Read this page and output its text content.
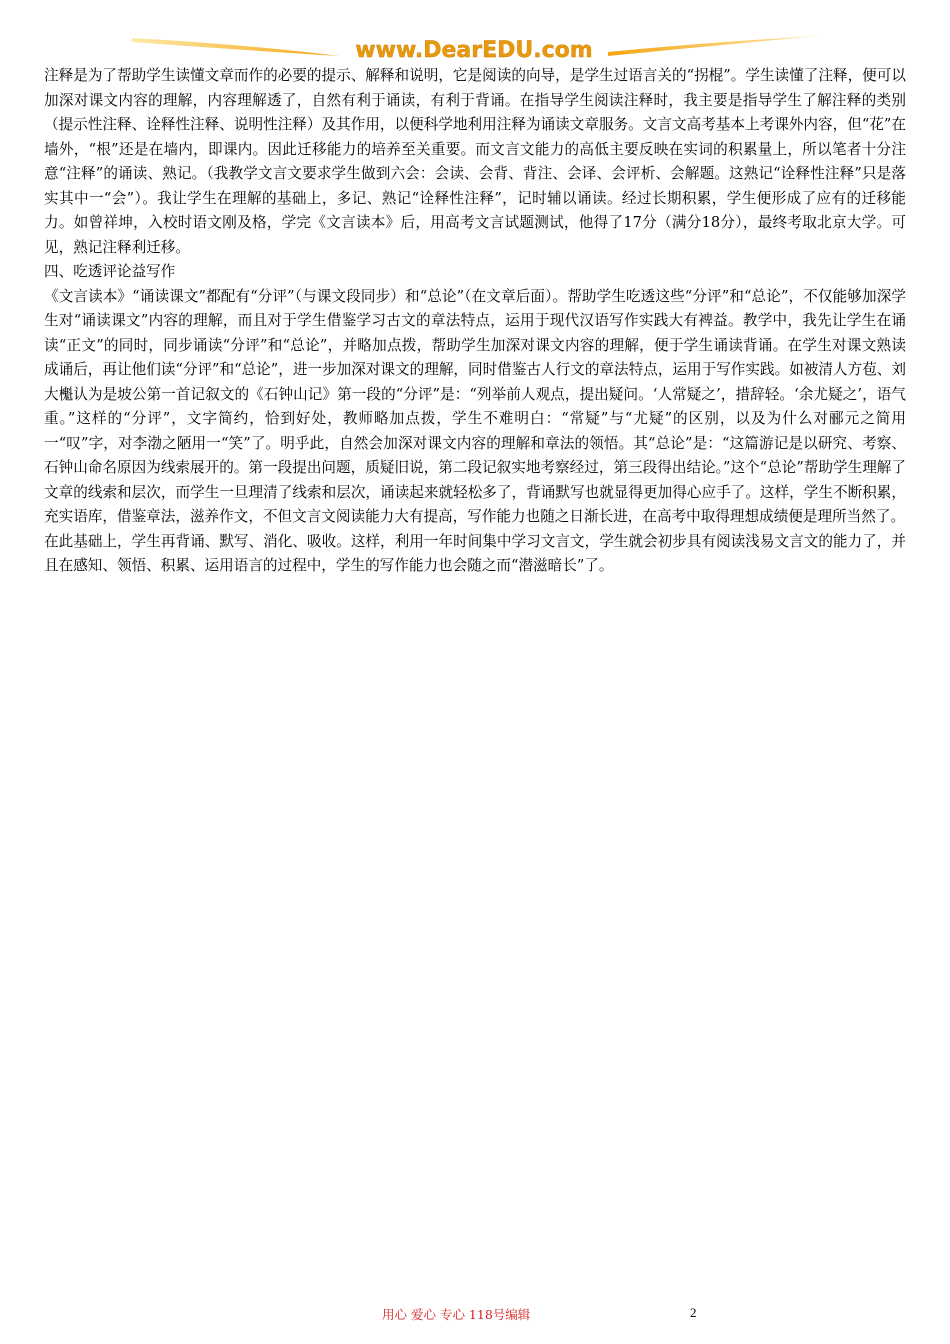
www.DearEDU.com

注释是为了帮助学生读懂文章而作的必要的提示、解释和说明，它是阅读的向导，是学生过语言关的“拐棍”。学生读懂了注释，便可以加深对课文内容的理解，内容理解透了，自然有利于诵读，有利于背诵。在指导学生阅读注释时，我主要是指导学生了解注释的类别（提示性注释、诠释性注释、说明性注释）及其作用，以便科学地利用注释为诵读文章服务。文言文高考基本上考课外内容，但“花”在墙外，“根”还是在墙内，即课内。因此迁移能力的培养至关重要。而文言文能力的高低主要反映在实词的积累量上，所以笔者十分注意“注释”的诵读、熟记。（我教学文言文要求学生做到六会：会读、会背、背注、会译、会评析、会解题。这熟记“诠释性注释”只是落实其中一“会”）。我让学生在理解的基础上，多记、熟记“诠释性注释”，记时辅以诵读。经过长期积累，学生便形成了应有的迁移能力。如曾祥坤，入校时语文刚及格，学完《文言读本》后，用高考文言试题测试，他得了17分（满分18分），最终考取北京大学。可见，熟记注释利迁移。

四、吃透评论益写作

《文言读本》“诵读课文”都配有“分评”（与课文段同步）和“总论”（在文章后面）。帮助学生吃透这些“分评”和“总论”，不仅能够加深学生对“诵读课文”内容的理解，而且对于学生借鉴学习古文的章法特点，运用于现代汉语写作实践大有裨益。教学中，我先让学生在诵读“正文”的同时，同步诵读“分评”和“总论”，并略加点拨，帮助学生加深对课文内容的理解，便于学生诵读背诵。在学生对课文熟读成诵后，再让他们读“分评”和“总论”，进一步加深对课文的理解，同时借鉴古人行文的章法特点，运用于写作实践。如被清人方苞、刘大櫆认为是坡公第一首记叙文的《石钟山记》第一段的“分评”是：“列举前人观点，提出疑问。‘人常疑之’，措辞轻。‘余尤疑之’，语气重。”这样的“分评”，文字简约，恰到好处，教师略加点拨，学生不难明白：“常疑”与“尤疑”的区别，以及为什么对郦元之简用一“叹”字，对李渤之陋用一“笑”了。明乎此，自然会加深对课文内容的理解和章法的领悟。其“总论”是：“这篇游记是以研究、考察、石钟山命名原因为线索展开的。第一段提出问题，质疑旧说，第二段记叙实地考察经过，第三段得出结论。”这个“总论”帮助学生理解了文章的线索和层次，而学生一旦理清了线索和层次，诵读起来就轻松多了，背诵默写也就显得更加得心应手了。这样，学生不断积累，充实语库，借鉴章法，滋养作文，不但文言文阅读能力大有提高，写作能力也随之日渐长进，在高考中取得理想成绩便是理所当然了。

在此基础上，学生再背诵、默写、消化、吸收。这样，利用一年时间集中学习文言文，学生就会初步具有阅读浅易文言文的能力了，并且在感知、领悟、积累、运用语言的过程中，学生的写作能力也会随之而“潜滋暗长”了。

用心 爱心 专心 118号编辑	2
